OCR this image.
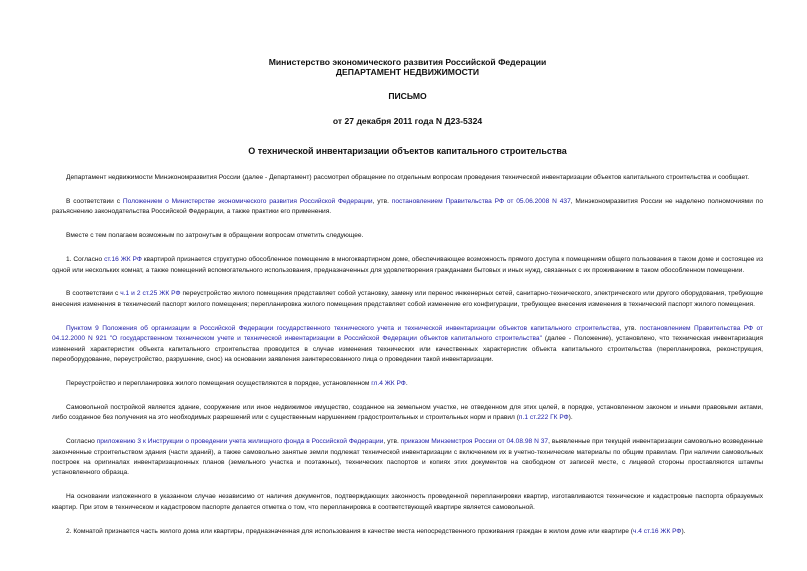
Министерство экономического развития Российской Федерации
ДЕПАРТАМЕНТ НЕДВИЖИМОСТИ
ПИСЬМО
от 27 декабря 2011 года N Д23-5324
О технической инвентаризации объектов капитального строительства

Департамент недвижимости Минэкономразвития России (далее - Департамент) рассмотрел обращение по отдельным вопросам проведения технической инвентаризации объектов капитального строительства и сообщает.

В соответствии с Положением о Министерстве экономического развития Российской Федерации, утв. постановлением Правительства РФ от 05.06.2008 N 437, Минэкономразвития России не наделено полномочиями по разъяснению законодательства Российской Федерации, а также практики его применения.

Вместе с тем полагаем возможным по затронутым в обращении вопросам отметить следующее.

1. Согласно ст.16 ЖК РФ квартирой признается структурно обособленное помещение в многоквартирном доме, обеспечивающее возможность прямого доступа к помещениям общего пользования в таком доме и состоящее из одной или нескольких комнат, а также помещений вспомогательного использования, предназначенных для удовлетворения гражданами бытовых и иных нужд, связанных с их проживанием в таком обособленном помещении.

В соответствии с ч.1 и 2 ст.25 ЖК РФ переустройство жилого помещения представляет собой установку, замену или перенос инженерных сетей, санитарно-технического, электрического или другого оборудования, требующие внесения изменения в технический паспорт жилого помещения; перепланировка жилого помещения представляет собой изменение его конфигурации, требующее внесения изменения в технический паспорт жилого помещения.

Пунктом 9 Положения об организации в Российской Федерации государственного технического учета и технической инвентаризации объектов капитального строительства, утв. постановлением Правительства РФ от 04.12.2000 N 921 "О государственном техническом учете и технической инвентаризации в Российской Федерации объектов капитального строительства" (далее - Положение), установлено, что техническая инвентаризация изменений характеристик объекта капитального строительства проводится в случае изменения технических или качественных характеристик объекта капитального строительства (перепланировка, реконструкция, переоборудование, переустройство, разрушение, снос) на основании заявления заинтересованного лица о проведении такой инвентаризации.

Переустройство и перепланировка жилого помещения осуществляются в порядке, установленном гл.4 ЖК РФ.

Самовольной постройкой является здание, сооружение или иное недвижимое имущество, созданное на земельном участке, не отведенном для этих целей, в порядке, установленном законом и иными правовыми актами, либо созданное без получения на это необходимых разрешений или с существенным нарушением градостроительных и строительных норм и правил (п.1 ст.222 ГК РФ).

Согласно приложению 3 к Инструкции о проведении учета жилищного фонда в Российской Федерации, утв. приказом Минземстроя России от 04.08.98 N 37, выявленные при текущей инвентаризации самовольно возведенные законченные строительством здания (части зданий), а также самовольно занятые земли подлежат технической инвентаризации с включением их в учетно-технические материалы по общим правилам. При наличии самовольных построек на оригиналах инвентаризационных планов (земельного участка и поэтажных), технических паспортов и копиях этих документов на свободном от записей месте, с лицевой стороны проставляются штампы установленного образца.

На основании изложенного в указанном случае независимо от наличия документов, подтверждающих законность проведенной перепланировки квартир, изготавливаются технические и кадастровые паспорта образуемых квартир. При этом в техническом и кадастровом паспорте делается отметка о том, что перепланировка в соответствующей квартире является самовольной.

2. Комнатой признается часть жилого дома или квартиры, предназначенная для использования в качестве места непосредственного проживания граждан в жилом доме или квартире (ч.4 ст.16 ЖК РФ).
